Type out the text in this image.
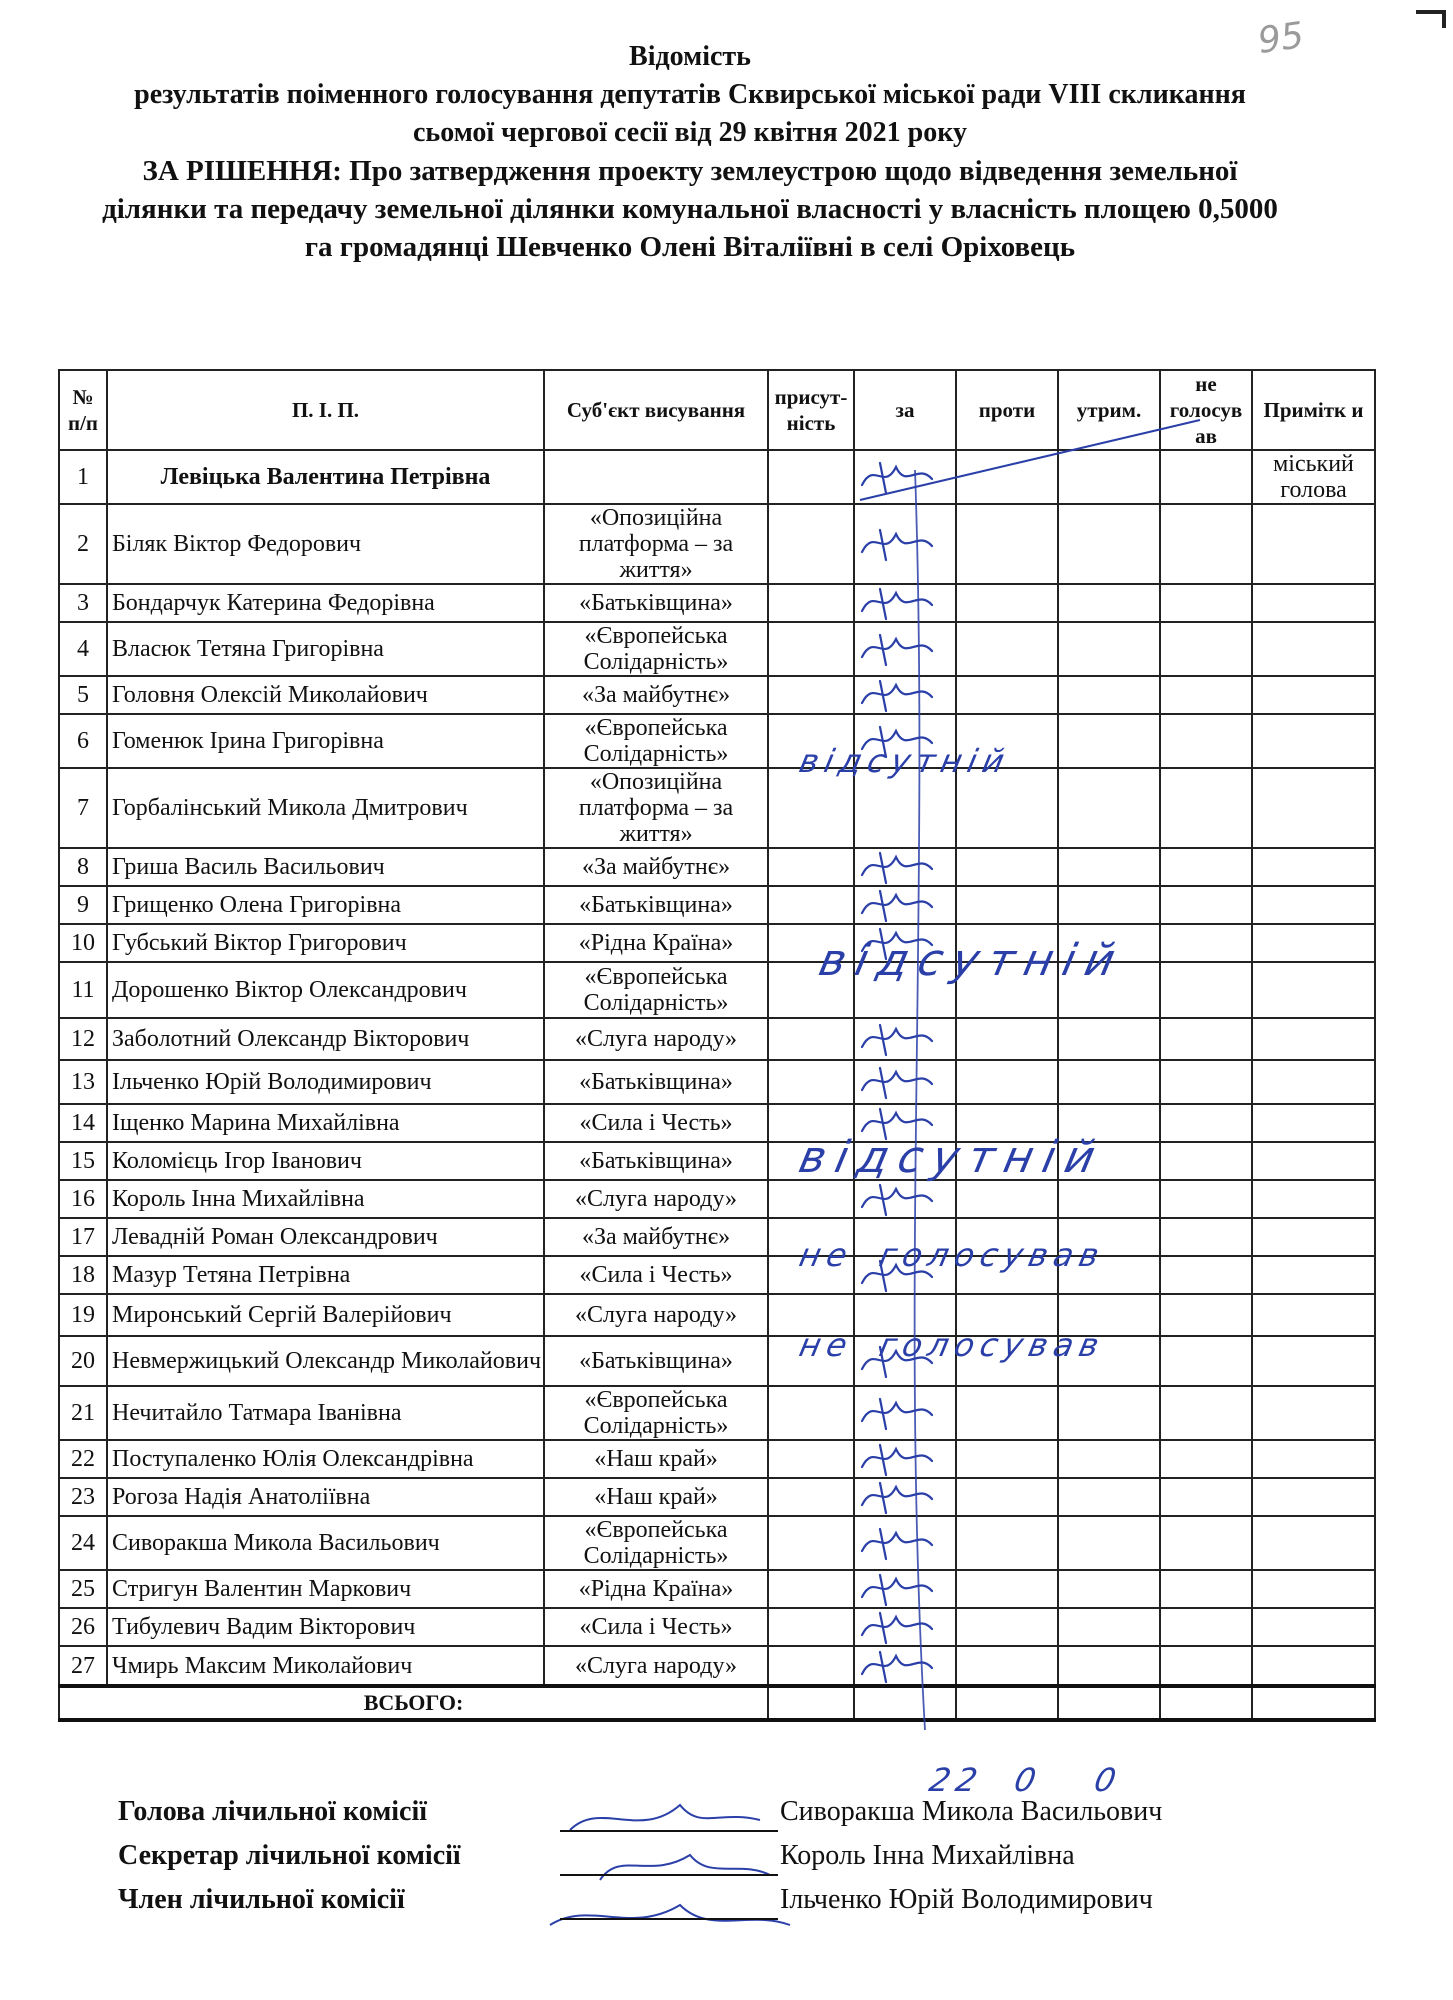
95
Відомість
результатів поіменного голосування депутатів Сквирської міської ради VIII скликання
сьомої чергової сесії від 29 квітня 2021 року
ЗА РІШЕННЯ: Про затвердження проекту землеустрою щодо відведення земельної
ділянки та передачу земельної ділянки комунальної власності у власність площею 0,5000
га громадянці Шевченко Олені Віталіївні в селі Оріховець
№ п/п	П. І. П.	Суб'єкт висування	присут-ність	за	проти	утрим.	не голосув ав	Примітк и
1	Левіцька Валентина Петрівна							міський голова
2	Біляк Віктор Федорович	«Опозиційна платформа – за життя»						
3	Бондарчук Катерина Федорівна	«Батьківщина»						
4	Власюк Тетяна Григорівна	«Європейська Солідарність»						
5	Головня Олексій Миколайович	«За майбутнє»						
6	Гоменюк Ірина Григорівна	«Європейська Солідарність»						
7	Горбалінський Микола Дмитрович	«Опозиційна платформа – за життя»						
8	Гриша Василь Васильович	«За майбутнє»						
9	Грищенко Олена Григорівна	«Батьківщина»						
10	Губський Віктор Григорович	«Рідна Країна»						
11	Дорошенко Віктор Олександрович	«Європейська Солідарність»						
12	Заболотний Олександр Вікторович	«Слуга народу»						
13	Ільченко Юрій Володимирович	«Батьківщина»						
14	Іщенко Марина Михайлівна	«Сила і Честь»						
15	Коломієць Ігор Іванович	«Батьківщина»						
16	Король Інна Михайлівна	«Слуга народу»						
17	Левадній Роман Олександрович	«За майбутнє»						
18	Мазур Тетяна Петрівна	«Сила і Честь»						
19	Миронський Сергій Валерійович	«Слуга народу»						
20	Невмержицький Олександр Миколайович	«Батьківщина»						
21	Нечитайло Татмара Іванівна	«Європейська Солідарність»						
22	Поступаленко Юлія Олександрівна	«Наш край»						
23	Рогоза Надія Анатоліївна	«Наш край»						
24	Сиворакша Микола Васильович	«Європейська Солідарність»						
25	Стригун Валентин Маркович	«Рідна Країна»						
26	Тибулевич Вадим Вікторович	«Сила і Честь»						
27	Чмирь Максим Миколайович	«Слуга народу»						
ВСЬОГО:								
відсутній
відсутній
відсутній
не голосував
не голосував
22 0 0
Голова лічильної комісії	Сиворакша Микола Васильович
Секретар лічильної комісії	Король Інна Михайлівна
Член лічильної комісії	Ільченко Юрій Володимирович
